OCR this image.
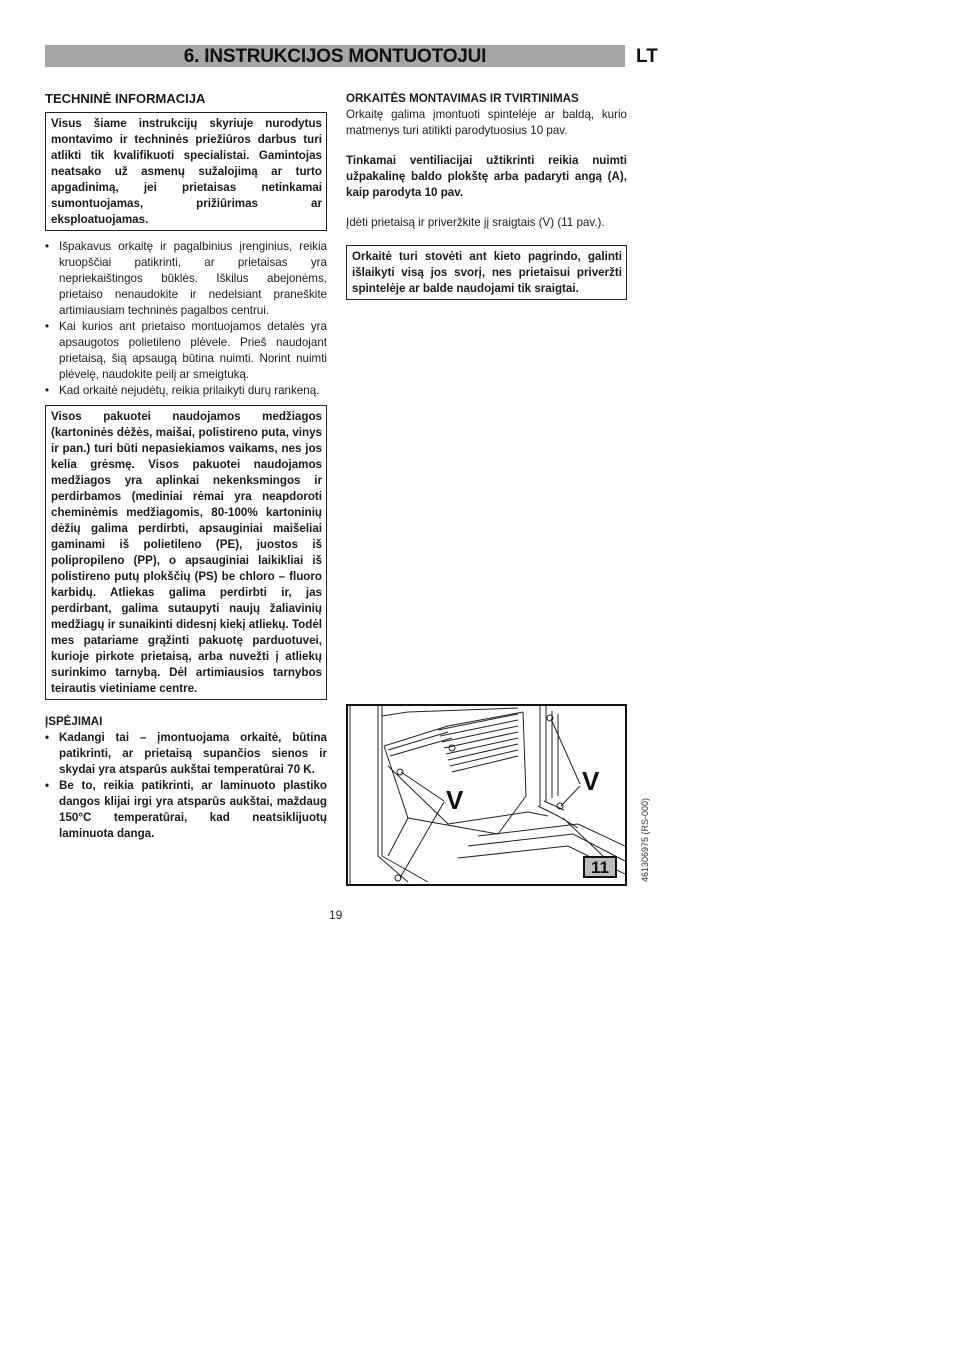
6. INSTRUKCIJOS MONTUOTOJUI	LT
TECHNINĖ INFORMACIJA
Visus šiame instrukcijų skyriuje nurodytus montavimo ir techninės priežiūros darbus turi atlikti tik kvalifikuoti specialistai. Gamintojas neatsako už asmenų sužalojimą ar turto apgadinimą, jei prietaisas netinkamai sumontuojamas, prižiūrimas ar eksploatuojamas.
• Išpakavus orkaitę ir pagalbinius įrenginius, reikia kruopščiai patikrinti, ar prietaisas yra nepriekaištingos būklės. Iškilus abejonėms, prietaiso nenaudokite ir nedelsiant praneškite artimiausiam techninės pagalbos centrui.
• Kai kurios ant prietaiso montuojamos detalės yra apsaugotos polietileno plėvele. Prieš naudojant prietaisą, šią apsaugą būtina nuimti. Norint nuimti plėvelę, naudokite peilį ar smeigtuką.
• Kad orkaitė nejudėtų, reikia prilaikyti durų rankeną.
Visos pakuotei naudojamos medžiagos (kartoninės dėžės, maišai, polistireno puta, vinys ir pan.) turi būti nepasiekiamos vaikams, nes jos kelia grėsmę. Visos pakuotei naudojamos medžiagos yra aplinkai nekenksmingos ir perdirbamos (mediniai rėmai yra neapdoroti cheminėmis medžiagomis, 80-100% kartoninių dėžių galima perdirbti, apsauginiai maišeliai gaminami iš polietileno (PE), juostos iš polipropileno (PP), o apsauginiai laikikliai iš polistireno putų plokščių (PS) be chloro – fluoro karbidų. Atliekas galima perdirbti ir, jas perdirbant, galima sutaupyti naujų žaliavinių medžiagų ir sunaikinti didesnį kiekį atliekų. Todėl mes patariame grąžinti pakuotę parduotuvei, kurioje pirkote prietaisą, arba nuvežti į atliekų surinkimo tarnybą. Dėl artimiausios tarnybos teirautis vietiniame centre.
ĮSPĖJIMAI
• Kadangi tai – įmontuojama orkaitė, būtina patikrinti, ar prietaisą supančios sienos ir skydai yra atsparūs aukštai temperatūrai 70 K.
• Be to, reikia patikrinti, ar laminuoto plastiko dangos klijai irgi yra atsparūs aukštai, maždaug 150°C temperatūrai, kad neatsiklijuotų laminuota danga.
ORKAITĖS MONTAVIMAS IR TVIRTINIMAS

Orkaitę galima įmontuoti spintelėje ar baldą, kurio matmenys turi atitikti parodytuosius 10 pav.

Tinkamai ventiliacijai užtikrinti reikia nuimti užpakalinę baldo plokštę arba padaryti angą (A), kaip parodyta 10 pav.

Įdėti prietaisą ir priveržkite jį sraigtais (V) (11 pav.).

Orkaitė turi stovėti ant kieto pagrindo, galinti išlaikyti visą jos svorį, nes prietaisui priveržti spintelėje ar balde naudojami tik sraigtai.
V
V
11
19
461306975 (RS-000)
